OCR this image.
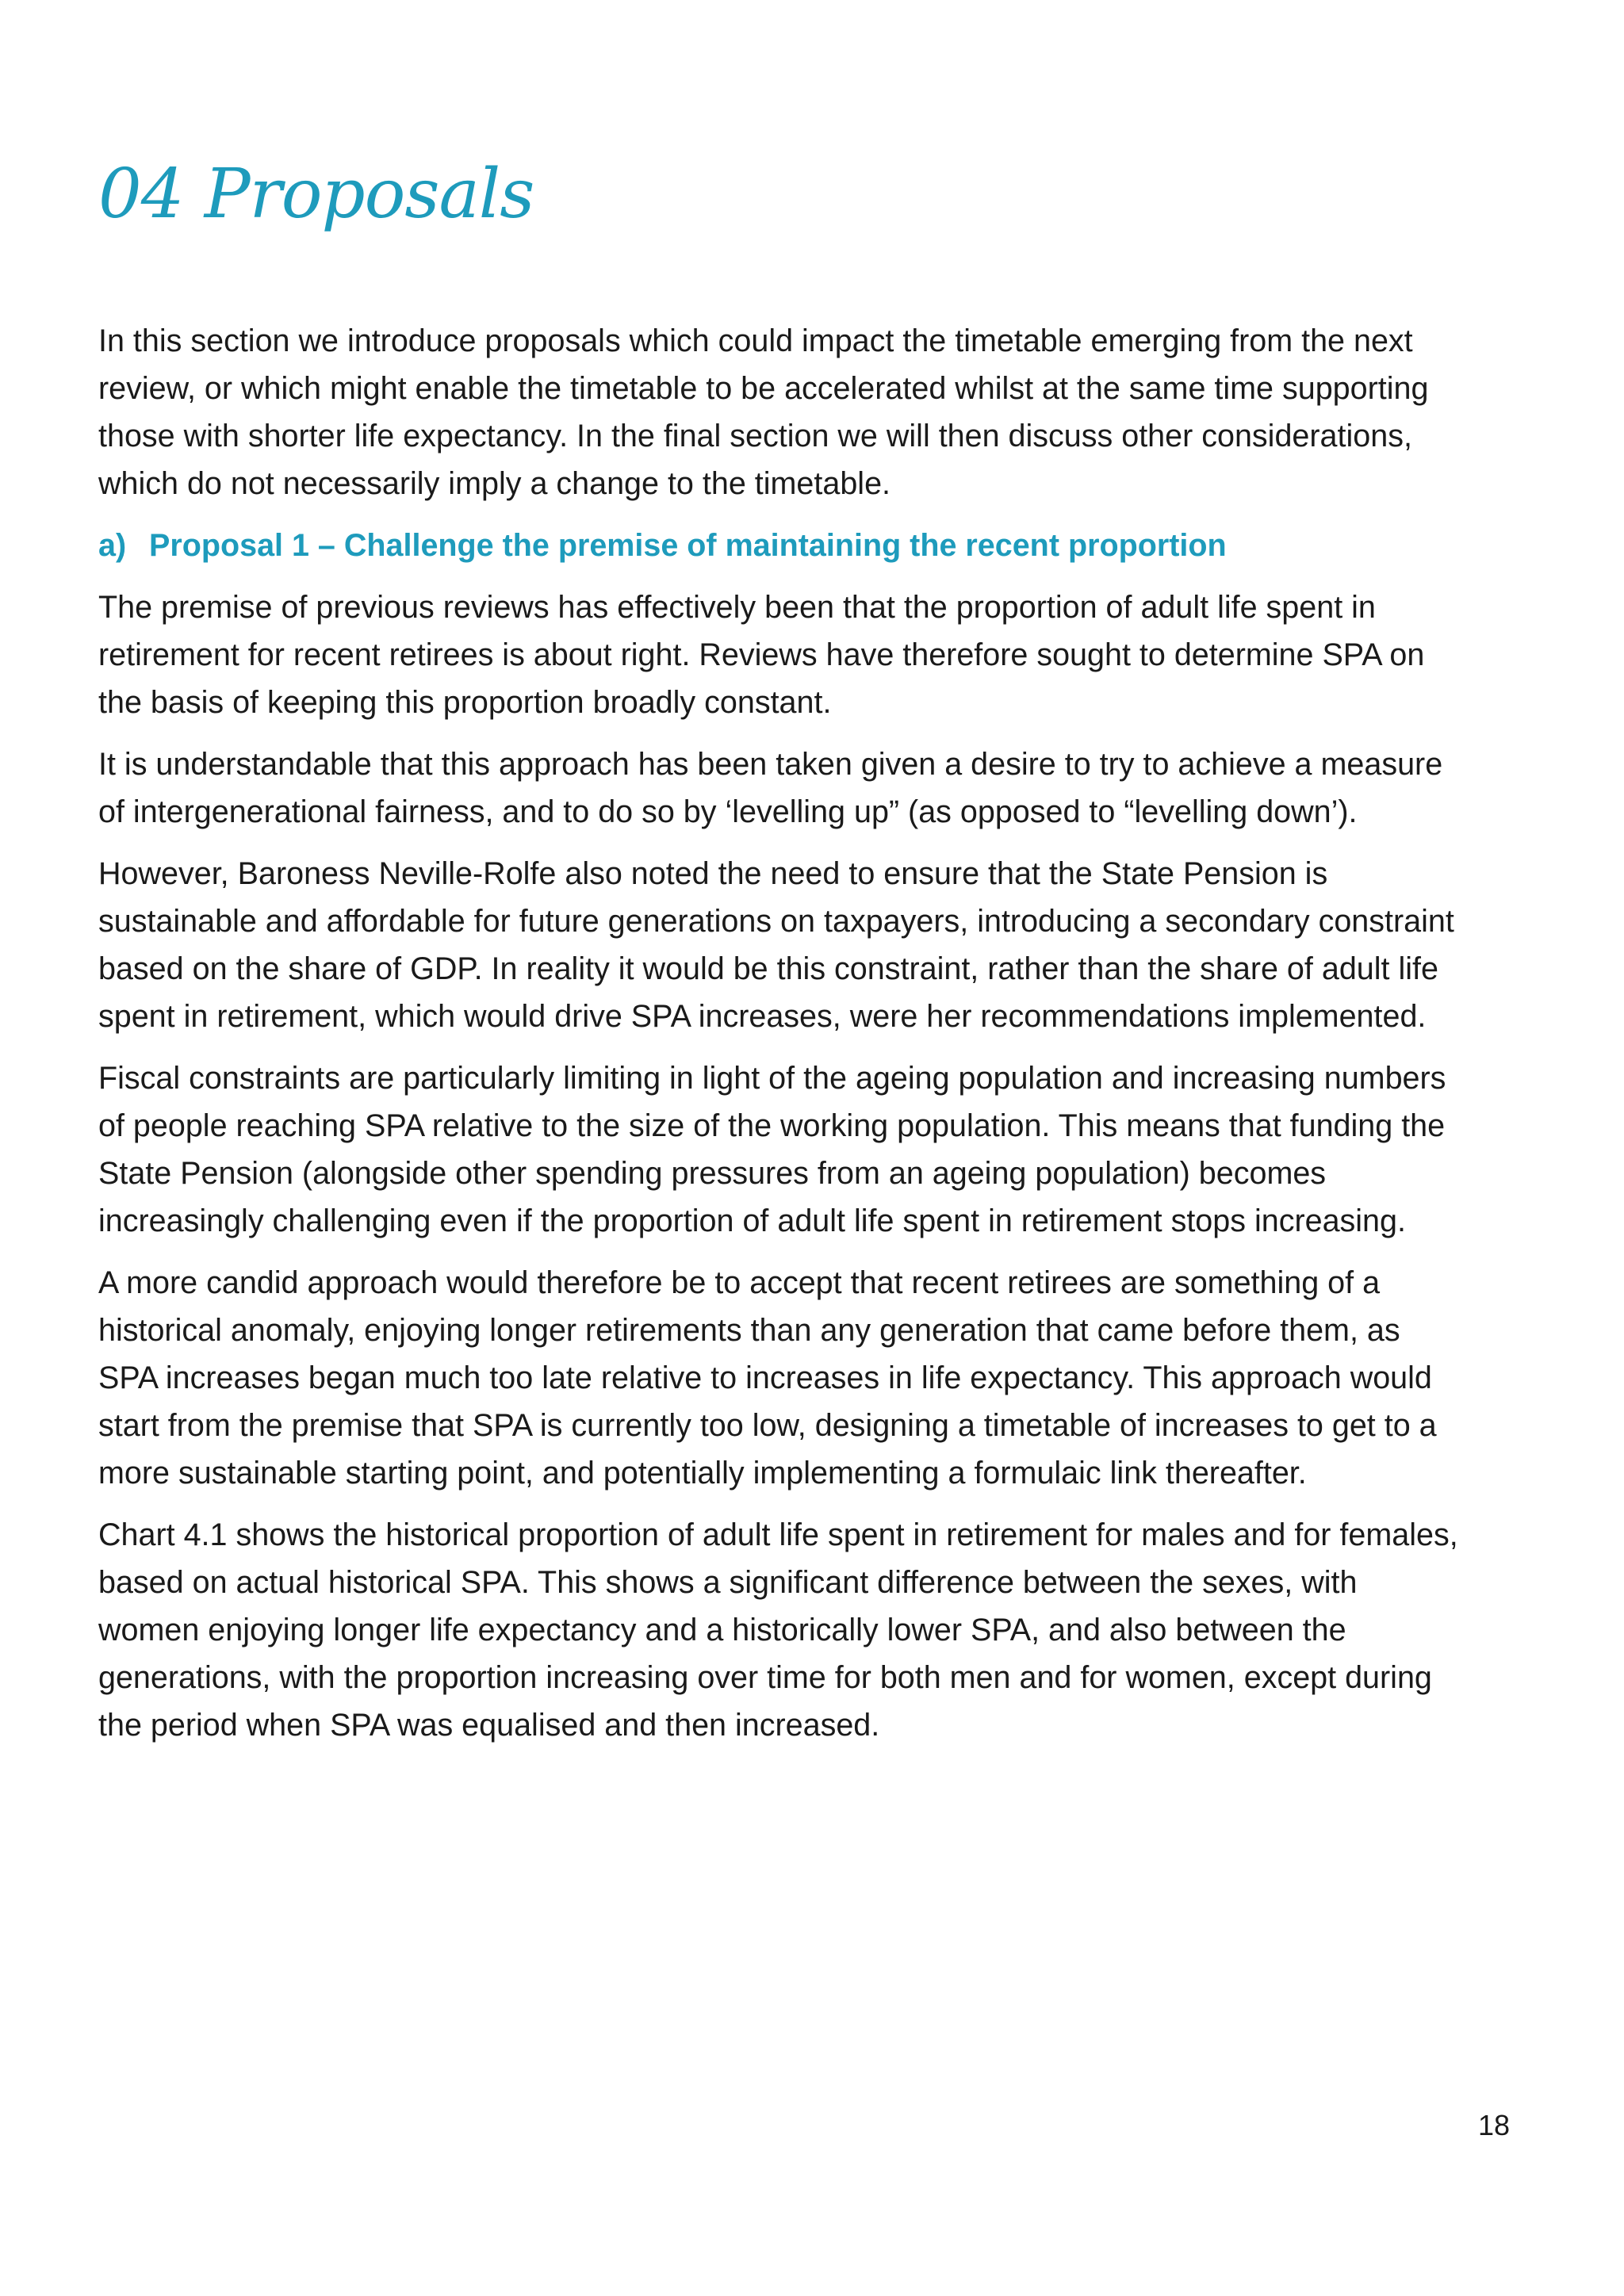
04 Proposals

In this section we introduce proposals which could impact the timetable emerging from the next review, or which might enable the timetable to be accelerated whilst at the same time supporting those with shorter life expectancy. In the final section we will then discuss other considerations, which do not necessarily imply a change to the timetable.

a) Proposal 1 – Challenge the premise of maintaining the recent proportion

The premise of previous reviews has effectively been that the proportion of adult life spent in retirement for recent retirees is about right. Reviews have therefore sought to determine SPA on the basis of keeping this proportion broadly constant.

It is understandable that this approach has been taken given a desire to try to achieve a measure of intergenerational fairness, and to do so by ‘levelling up” (as opposed to “levelling down’).

However, Baroness Neville-Rolfe also noted the need to ensure that the State Pension is sustainable and affordable for future generations on taxpayers, introducing a secondary constraint based on the share of GDP. In reality it would be this constraint, rather than the share of adult life spent in retirement, which would drive SPA increases, were her recommendations implemented.

Fiscal constraints are particularly limiting in light of the ageing population and increasing numbers of people reaching SPA relative to the size of the working population. This means that funding the State Pension (alongside other spending pressures from an ageing population) becomes increasingly challenging even if the proportion of adult life spent in retirement stops increasing.

A more candid approach would therefore be to accept that recent retirees are something of a historical anomaly, enjoying longer retirements than any generation that came before them, as SPA increases began much too late relative to increases in life expectancy. This approach would start from the premise that SPA is currently too low, designing a timetable of increases to get to a more sustainable starting point, and potentially implementing a formulaic link thereafter.

Chart 4.1 shows the historical proportion of adult life spent in retirement for males and for females, based on actual historical SPA. This shows a significant difference between the sexes, with women enjoying longer life expectancy and a historically lower SPA, and also between the generations, with the proportion increasing over time for both men and for women, except during the period when SPA was equalised and then increased.

18
